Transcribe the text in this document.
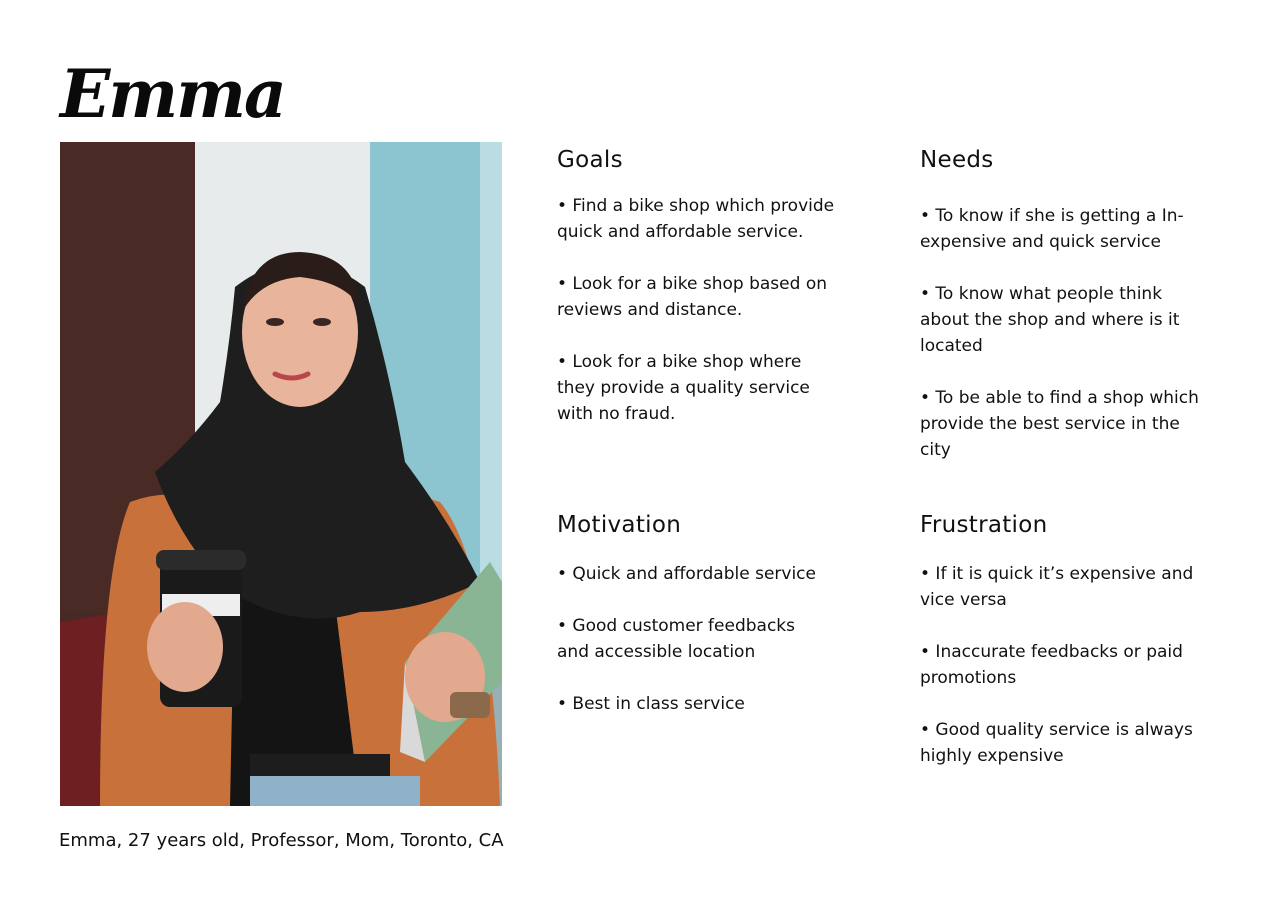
Emma
Emma, 27 years old, Professor, Mom, Toronto, CA
Goals

• Find a bike shop which provide
quick and affordable service.

• Look for a bike shop based on
reviews and distance.

• Look for a bike shop where
they provide a quality service
with no fraud.

Needs

• To know if she is getting a In-
expensive and quick service

• To know what people think
about the shop and where is it
located

• To be able to find a shop which
provide the best service in the
city

Motivation

• Quick and affordable service

• Good customer feedbacks
and accessible location

• Best in class service

Frustration

• If it is quick it’s expensive and
vice versa

• Inaccurate feedbacks or paid
promotions

• Good quality service is always
highly expensive
